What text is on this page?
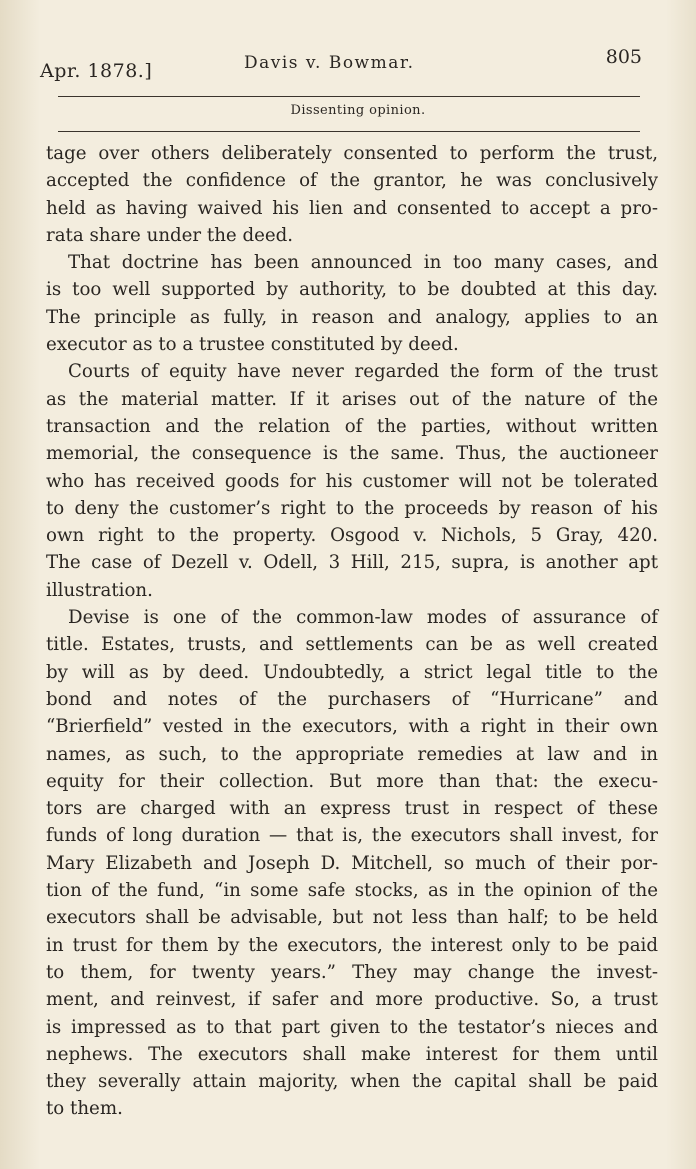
Apr. 1878.]	Davis v. Bowmar.	805
Dissenting opinion.
tage over others deliberately consented to perform the trust,
accepted the confidence of the grantor, he was conclusively
held as having waived his lien and consented to accept a pro-
rata share under the deed.
That doctrine has been announced in too many cases, and
is too well supported by authority, to be doubted at this day.
The principle as fully, in reason and analogy, applies to an
executor as to a trustee constituted by deed.
Courts of equity have never regarded the form of the trust
as the material matter. If it arises out of the nature of the
transaction and the relation of the parties, without written
memorial, the consequence is the same. Thus, the auctioneer
who has received goods for his customer will not be tolerated
to deny the customer’s right to the proceeds by reason of his
own right to the property. Osgood v. Nichols, 5 Gray, 420.
The case of Dezell v. Odell, 3 Hill, 215, supra, is another apt
illustration.
Devise is one of the common-law modes of assurance of
title. Estates, trusts, and settlements can be as well created
by will as by deed. Undoubtedly, a strict legal title to the
bond and notes of the purchasers of “Hurricane” and
“Brierfield” vested in the executors, with a right in their own
names, as such, to the appropriate remedies at law and in
equity for their collection. But more than that: the execu-
tors are charged with an express trust in respect of these
funds of long duration — that is, the executors shall invest, for
Mary Elizabeth and Joseph D. Mitchell, so much of their por-
tion of the fund, “in some safe stocks, as in the opinion of the
executors shall be advisable, but not less than half; to be held
in trust for them by the executors, the interest only to be paid
to them, for twenty years.” They may change the invest-
ment, and reinvest, if safer and more productive. So, a trust
is impressed as to that part given to the testator’s nieces and
nephews. The executors shall make interest for them until
they severally attain majority, when the capital shall be paid
to them.
